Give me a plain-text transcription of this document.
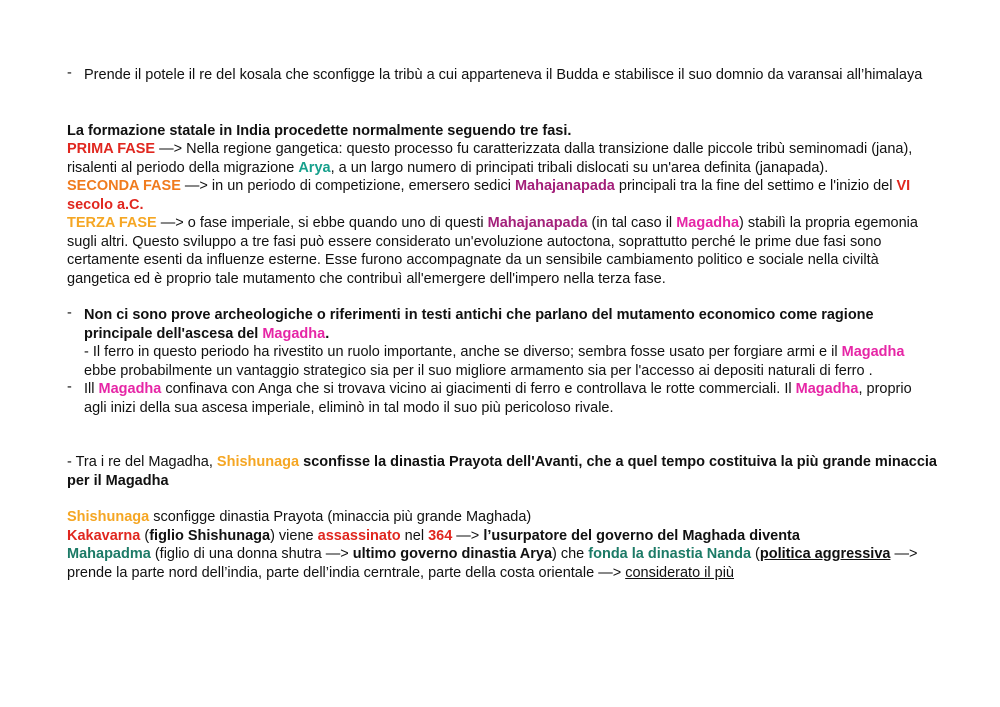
- Prende il potele il re del kosala che sconfigge la tribù a cui apparteneva il Budda e stabilisce il suo domnio da varansai all’himalaya

La formazione statale in India procedette normalmente seguendo tre fasi.

PRIMA FASE —> Nella regione gangetica: questo processo fu caratterizzata dalla transizione dalle piccole tribù seminomadi (jana), risalenti al periodo della migrazione Arya, a un largo numero di principati tribali dislocati su un'area definita (janapada).

SECONDA FASE —> in un periodo di competizione, emersero sedici Mahajanapada principali tra la fine del settimo e l'inizio del VI secolo a.C.

TERZA FASE —> o fase imperiale, si ebbe quando uno di questi Mahajanapada (in tal caso il Magadha) stabilì la propria egemonia sugli altri. Questo sviluppo a tre fasi può essere considerato un'evoluzione autoctona, soprattutto perché le prime due fasi sono certamente esenti da influenze esterne. Esse furono accompagnate da un sensibile cambiamento politico e sociale nella civiltà gangetica ed è proprio tale mutamento che contribuì all'emergere dell'impero nella terza fase.

- Non ci sono prove archeologiche o riferimenti in testi antichi che parlano del mutamento economico come ragione principale dell'ascesa del Magadha.
- Il ferro in questo periodo ha rivestito un ruolo importante, anche se diverso; sembra fosse usato per forgiare armi e il Magadha ebbe probabilmente un vantaggio strategico sia per il suo migliore armamento sia per l'accesso ai depositi naturali di ferro .
- Ill Magadha confinava con Anga che si trovava vicino ai giacimenti di ferro e controllava le rotte commerciali. Il Magadha, proprio agli inizi della sua ascesa imperiale, eliminò in tal modo il suo più pericoloso rivale.

- Tra i re del Magadha, Shishunaga sconfisse la dinastia Prayota dell'Avanti, che a quel tempo costituiva la più grande minaccia per il Magadha

Shishunaga sconfigge dinastia Prayota (minaccia più grande Maghada)

Kakavarna (figlio Shishunaga) viene assassinato nel 364 —> l’usurpatore del governo del Maghada diventa
Mahapadma (figlio di una donna shutra —> ultimo governo dinastia Arya) che fonda la dinastia Nanda (politica aggressiva —> prende la parte nord dell’india, parte dell’india cerntrale, parte della costa orientale —> considerato il più
